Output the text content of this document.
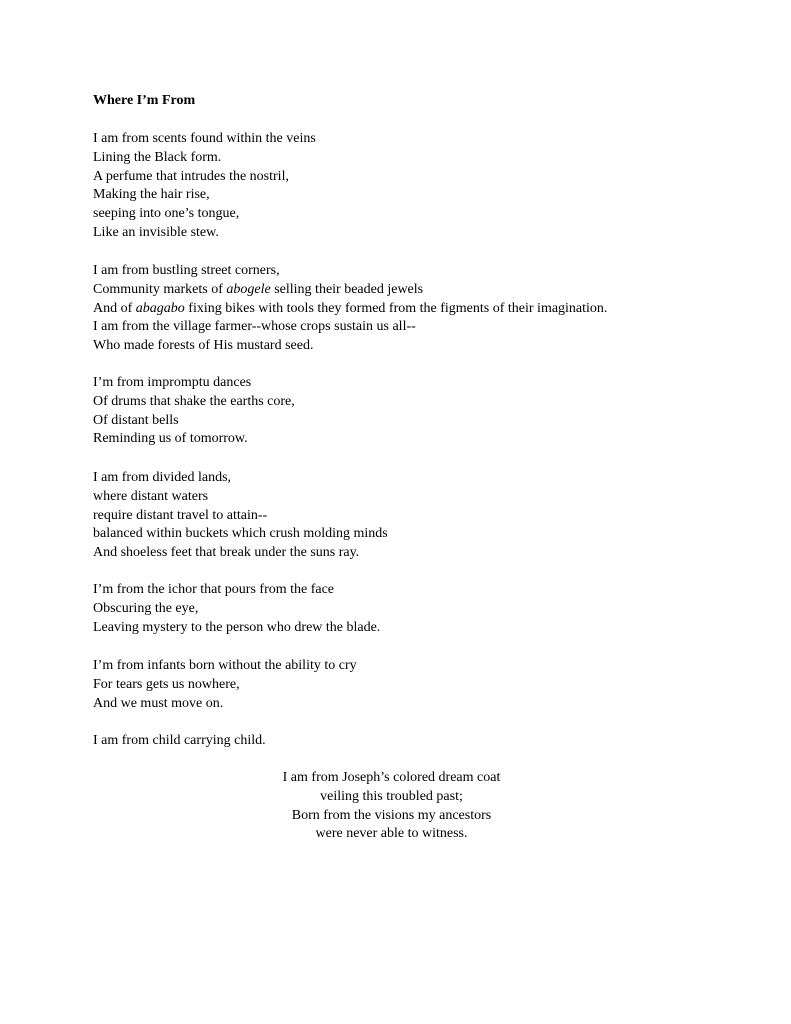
Where I’m From
I am from scents found within the veins
Lining the Black form.
A perfume that intrudes the nostril,
Making the hair rise,
seeping into one’s tongue,
Like an invisible stew.
I am from bustling street corners,
Community markets of abogele selling their beaded jewels
And of abagabo fixing bikes with tools they formed from the figments of their imagination.
I am from the village farmer--whose crops sustain us all--
Who made forests of His mustard seed.
I’m from impromptu dances
Of drums that shake the earths core,
Of distant bells
Reminding us of tomorrow.
I am from divided lands,
where distant waters
require distant travel to attain--
balanced within buckets which crush molding minds
And shoeless feet that break under the suns ray.
I’m from the ichor that pours from the face
Obscuring the eye,
Leaving mystery to the person who drew the blade.
I’m from infants born without the ability to cry
For tears gets us nowhere,
And we must move on.
I am from child carrying child.
I am from Joseph’s colored dream coat
veiling this troubled past;
Born from the visions my ancestors
were never able to witness.
